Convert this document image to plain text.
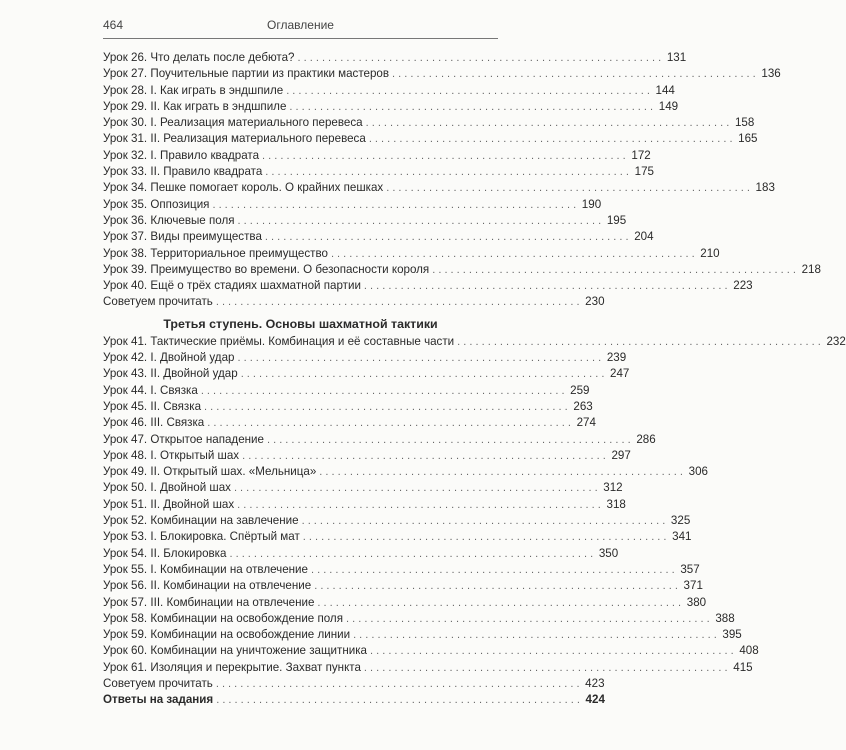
464	Оглавление
Урок 26. Что делать после дебюта? . . . . . . . . . . . . . . . . . . . . . . . . . . . . . . . . . . . . . . . . . . . . . . . . . . . . . . . . . . . . 131
Урок 27. Поучительные партии из практики мастеров . . . . . . . . . . . . . . . . . . . . . . . . . . . . . . . . . . . . . . . . . . . . . . . . . . . . . . . . . . . . 136
Урок 28. I. Как играть в эндшпиле . . . . . . . . . . . . . . . . . . . . . . . . . . . . . . . . . . . . . . . . . . . . . . . . . . . . . . . . . . . . 144
Урок 29. II. Как играть в эндшпиле . . . . . . . . . . . . . . . . . . . . . . . . . . . . . . . . . . . . . . . . . . . . . . . . . . . . . . . . . . . . 149
Урок 30. I. Реализация материального перевеса . . . . . . . . . . . . . . . . . . . . . . . . . . . . . . . . . . . . . . . . . . . . . . . . . . . . . . . . . . . . 158
Урок 31. II. Реализация материального перевеса . . . . . . . . . . . . . . . . . . . . . . . . . . . . . . . . . . . . . . . . . . . . . . . . . . . . . . . . . . . . 165
Урок 32. I. Правило квадрата . . . . . . . . . . . . . . . . . . . . . . . . . . . . . . . . . . . . . . . . . . . . . . . . . . . . . . . . . . . . 172
Урок 33. II. Правило квадрата . . . . . . . . . . . . . . . . . . . . . . . . . . . . . . . . . . . . . . . . . . . . . . . . . . . . . . . . . . . . 175
Урок 34. Пешке помогает король. О крайних пешках . . . . . . . . . . . . . . . . . . . . . . . . . . . . . . . . . . . . . . . . . . . . . . . . . . . . . . . . . . . . 183
Урок 35. Оппозиция . . . . . . . . . . . . . . . . . . . . . . . . . . . . . . . . . . . . . . . . . . . . . . . . . . . . . . . . . . . . 190
Урок 36. Ключевые поля . . . . . . . . . . . . . . . . . . . . . . . . . . . . . . . . . . . . . . . . . . . . . . . . . . . . . . . . . . . . 195
Урок 37. Виды преимущества . . . . . . . . . . . . . . . . . . . . . . . . . . . . . . . . . . . . . . . . . . . . . . . . . . . . . . . . . . . . 204
Урок 38. Территориальное преимущество . . . . . . . . . . . . . . . . . . . . . . . . . . . . . . . . . . . . . . . . . . . . . . . . . . . . . . . . . . . . 210
Урок 39. Преимущество во времени. О безопасности короля . . . . . . . . . . . . . . . . . . . . . . . . . . . . . . . . . . . . . . . . . . . . . . . . . . . . . . . . . . . . 218
Урок 40. Ещё о трёх стадиях шахматной партии . . . . . . . . . . . . . . . . . . . . . . . . . . . . . . . . . . . . . . . . . . . . . . . . . . . . . . . . . . . . 223
Советуем прочитать . . . . . . . . . . . . . . . . . . . . . . . . . . . . . . . . . . . . . . . . . . . . . . . . . . . . . . . . . . . . 230
Третья ступень. Основы шахматной тактики
Урок 41. Тактические приёмы. Комбинация и её составные части . . . . . . . . . . . . . . . . . . . . . . . . . . . . . . . . . . . . . . . . . . . . . . . . . . . . . . . . . . . . 232
Урок 42. I. Двойной удар . . . . . . . . . . . . . . . . . . . . . . . . . . . . . . . . . . . . . . . . . . . . . . . . . . . . . . . . . . . . 239
Урок 43. II. Двойной удар . . . . . . . . . . . . . . . . . . . . . . . . . . . . . . . . . . . . . . . . . . . . . . . . . . . . . . . . . . . . 247
Урок 44. I. Связка . . . . . . . . . . . . . . . . . . . . . . . . . . . . . . . . . . . . . . . . . . . . . . . . . . . . . . . . . . . . 259
Урок 45. II. Связка . . . . . . . . . . . . . . . . . . . . . . . . . . . . . . . . . . . . . . . . . . . . . . . . . . . . . . . . . . . . 263
Урок 46. III. Связка . . . . . . . . . . . . . . . . . . . . . . . . . . . . . . . . . . . . . . . . . . . . . . . . . . . . . . . . . . . . 274
Урок 47. Открытое нападение . . . . . . . . . . . . . . . . . . . . . . . . . . . . . . . . . . . . . . . . . . . . . . . . . . . . . . . . . . . . 286
Урок 48. I. Открытый шах . . . . . . . . . . . . . . . . . . . . . . . . . . . . . . . . . . . . . . . . . . . . . . . . . . . . . . . . . . . . 297
Урок 49. II. Открытый шах. «Мельница» . . . . . . . . . . . . . . . . . . . . . . . . . . . . . . . . . . . . . . . . . . . . . . . . . . . . . . . . . . . . 306
Урок 50. I. Двойной шах . . . . . . . . . . . . . . . . . . . . . . . . . . . . . . . . . . . . . . . . . . . . . . . . . . . . . . . . . . . . 312
Урок 51. II. Двойной шах . . . . . . . . . . . . . . . . . . . . . . . . . . . . . . . . . . . . . . . . . . . . . . . . . . . . . . . . . . . . 318
Урок 52. Комбинации на завлечение . . . . . . . . . . . . . . . . . . . . . . . . . . . . . . . . . . . . . . . . . . . . . . . . . . . . . . . . . . . . 325
Урок 53. I. Блокировка. Спёртый мат . . . . . . . . . . . . . . . . . . . . . . . . . . . . . . . . . . . . . . . . . . . . . . . . . . . . . . . . . . . . 341
Урок 54. II. Блокировка . . . . . . . . . . . . . . . . . . . . . . . . . . . . . . . . . . . . . . . . . . . . . . . . . . . . . . . . . . . . 350
Урок 55. I. Комбинации на отвлечение . . . . . . . . . . . . . . . . . . . . . . . . . . . . . . . . . . . . . . . . . . . . . . . . . . . . . . . . . . . . 357
Урок 56. II. Комбинации на отвлечение . . . . . . . . . . . . . . . . . . . . . . . . . . . . . . . . . . . . . . . . . . . . . . . . . . . . . . . . . . . . 371
Урок 57. III. Комбинации на отвлечение . . . . . . . . . . . . . . . . . . . . . . . . . . . . . . . . . . . . . . . . . . . . . . . . . . . . . . . . . . . . 380
Урок 58. Комбинации на освобождение поля . . . . . . . . . . . . . . . . . . . . . . . . . . . . . . . . . . . . . . . . . . . . . . . . . . . . . . . . . . . . 388
Урок 59. Комбинации на освобождение линии . . . . . . . . . . . . . . . . . . . . . . . . . . . . . . . . . . . . . . . . . . . . . . . . . . . . . . . . . . . . 395
Урок 60. Комбинации на уничтожение защитника . . . . . . . . . . . . . . . . . . . . . . . . . . . . . . . . . . . . . . . . . . . . . . . . . . . . . . . . . . . . 408
Урок 61. Изоляция и перекрытие. Захват пункта . . . . . . . . . . . . . . . . . . . . . . . . . . . . . . . . . . . . . . . . . . . . . . . . . . . . . . . . . . . . 415
Советуем прочитать . . . . . . . . . . . . . . . . . . . . . . . . . . . . . . . . . . . . . . . . . . . . . . . . . . . . . . . . . . . . 423
Ответы на задания . . . . . . . . . . . . . . . . . . . . . . . . . . . . . . . . . . . . . . . . . . . . . . . . . . . . . . . . . . . . 424
